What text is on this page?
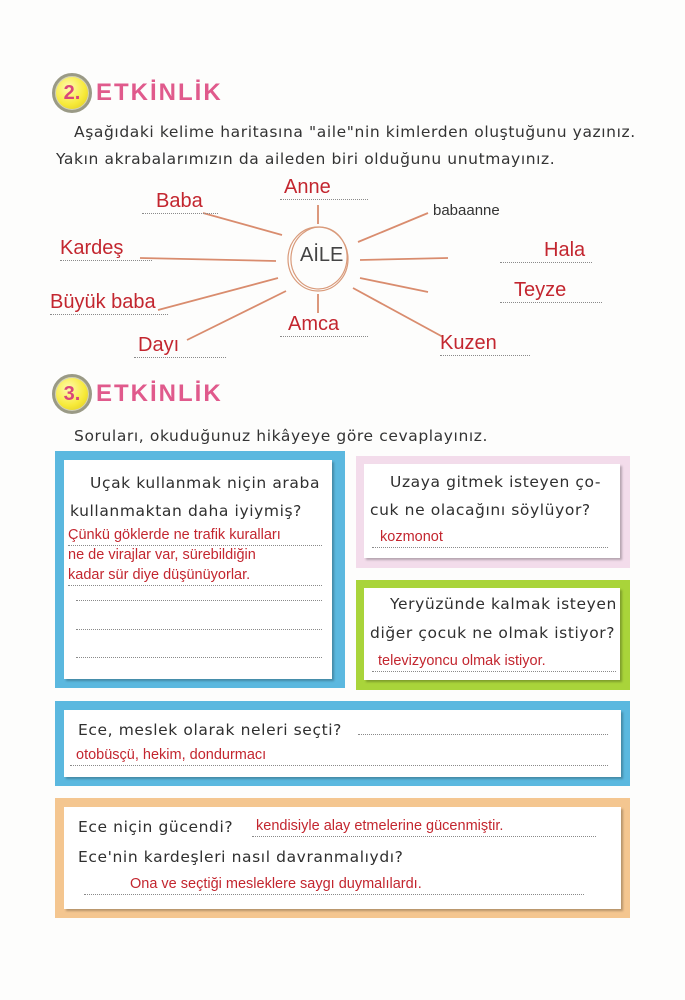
2. ETKİNLİK
Aşağıdaki kelime haritasına "aile"nin kimlerden oluştuğunu yazınız.
Yakın akrabalarımızın da aileden biri olduğunu unutmayınız.
AİLE
Anne
Baba	babaanne
Kardeş	Hala
Teyze
Büyük baba
Amca
Dayı	Kuzen
3. ETKİNLİK
Soruları, okuduğunuz hikâyeye göre cevaplayınız.
Uçak kullanmak niçin araba
kullanmaktan daha iyiymiş?
Çünkü göklerde ne trafik kuralları
ne de virajlar var, sürebildiğin
kadar sür diye düşünüyorlar.
Uzaya gitmek isteyen ço-
cuk ne olacağını söylüyor?
kozmonot
Yeryüzünde kalmak isteyen
diğer çocuk ne olmak istiyor?
televizyoncu olmak istiyor.
Ece, meslek olarak neleri seçti?
otobüsçü, hekim, dondurmacı
Ece niçin gücendi? kendisiyle alay etmelerine gücenmiştir.
Ece'nin kardeşleri nasıl davranmalıydı?
Ona ve seçtiği mesleklere saygı duymalılardı.
